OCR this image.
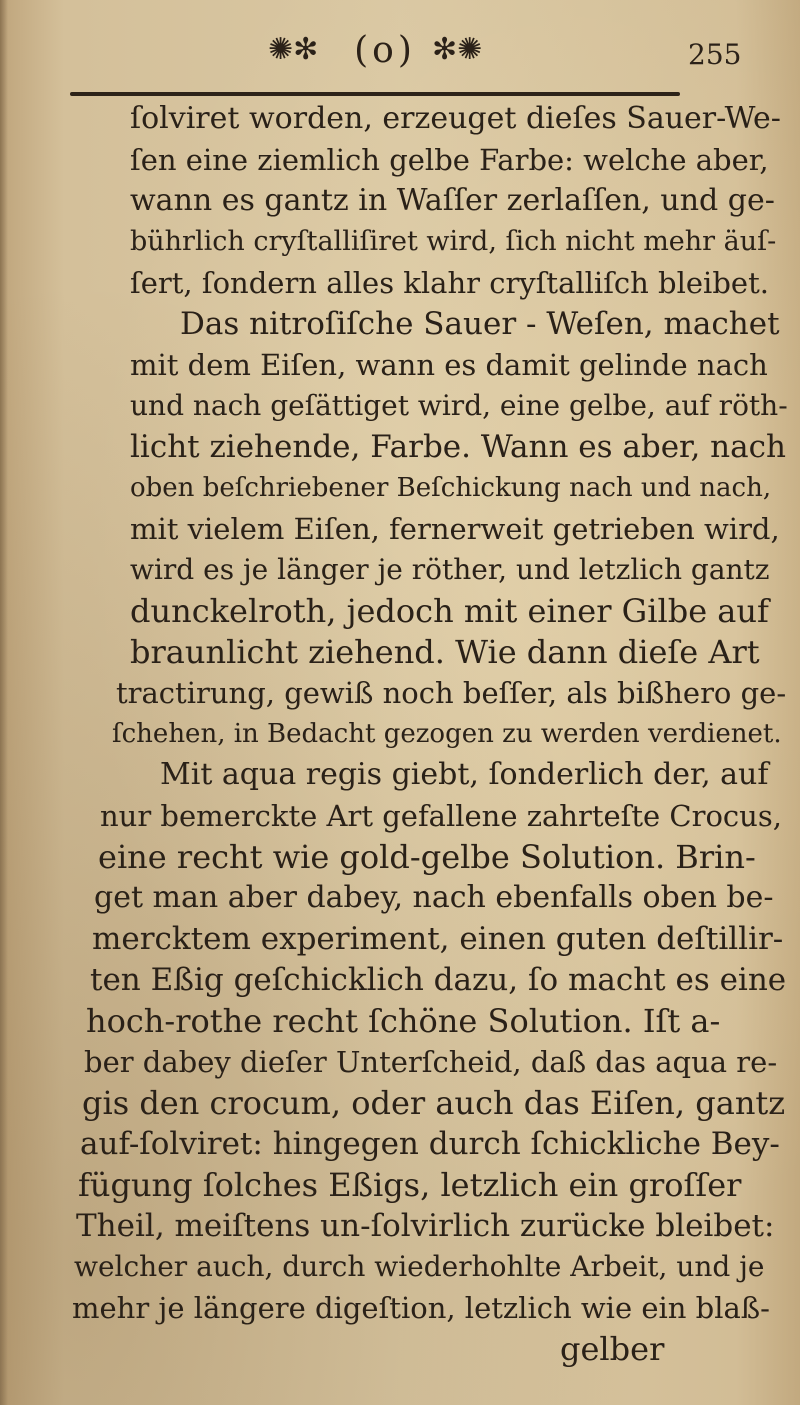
✺✻ (o) ✻✺	255
ſolviret worden, erzeuget dieſes Sauer-We-
ſen eine ziemlich gelbe Farbe: welche aber,
wann es gantz in Waſſer zerlaſſen, und ge-
bührlich cryſtalliſiret wird, ſich nicht mehr äuſ-
ſert, ſondern alles klahr cryſtalliſch bleibet.
Das nitroſiſche Sauer - Weſen, machet
mit dem Eiſen, wann es damit gelinde nach
und nach geſättiget wird, eine gelbe, auf röth-
licht ziehende, Farbe. Wann es aber, nach
oben beſchriebener Beſchickung nach und nach,
mit vielem Eiſen, fernerweit getrieben wird,
wird es je länger je röther, und letzlich gantz
dunckelroth, jedoch mit einer Gilbe auf
braunlicht ziehend. Wie dann dieſe Art
tractirung, gewiß noch beſſer, als bißhero ge-
ſchehen, in Bedacht gezogen zu werden verdienet.
Mit aqua regis giebt, ſonderlich der, auf
nur bemerckte Art gefallene zahrteſte Crocus,
eine recht wie gold-gelbe Solution. Brin-
get man aber dabey, nach ebenfalls oben be-
mercktem experiment, einen guten deſtillir-
ten Eßig geſchicklich dazu, ſo macht es eine
hoch-rothe recht ſchöne Solution. Iſt a-
ber dabey dieſer Unterſcheid, daß das aqua re-
gis den crocum, oder auch das Eiſen, gantz
auf-ſolviret: hingegen durch ſchickliche Bey-
fügung ſolches Eßigs, letzlich ein groſſer
Theil, meiſtens un-ſolvirlich zurücke bleibet:
welcher auch, durch wiederhohlte Arbeit, und je
mehr je längere digeſtion, letzlich wie ein blaß-
gelber
